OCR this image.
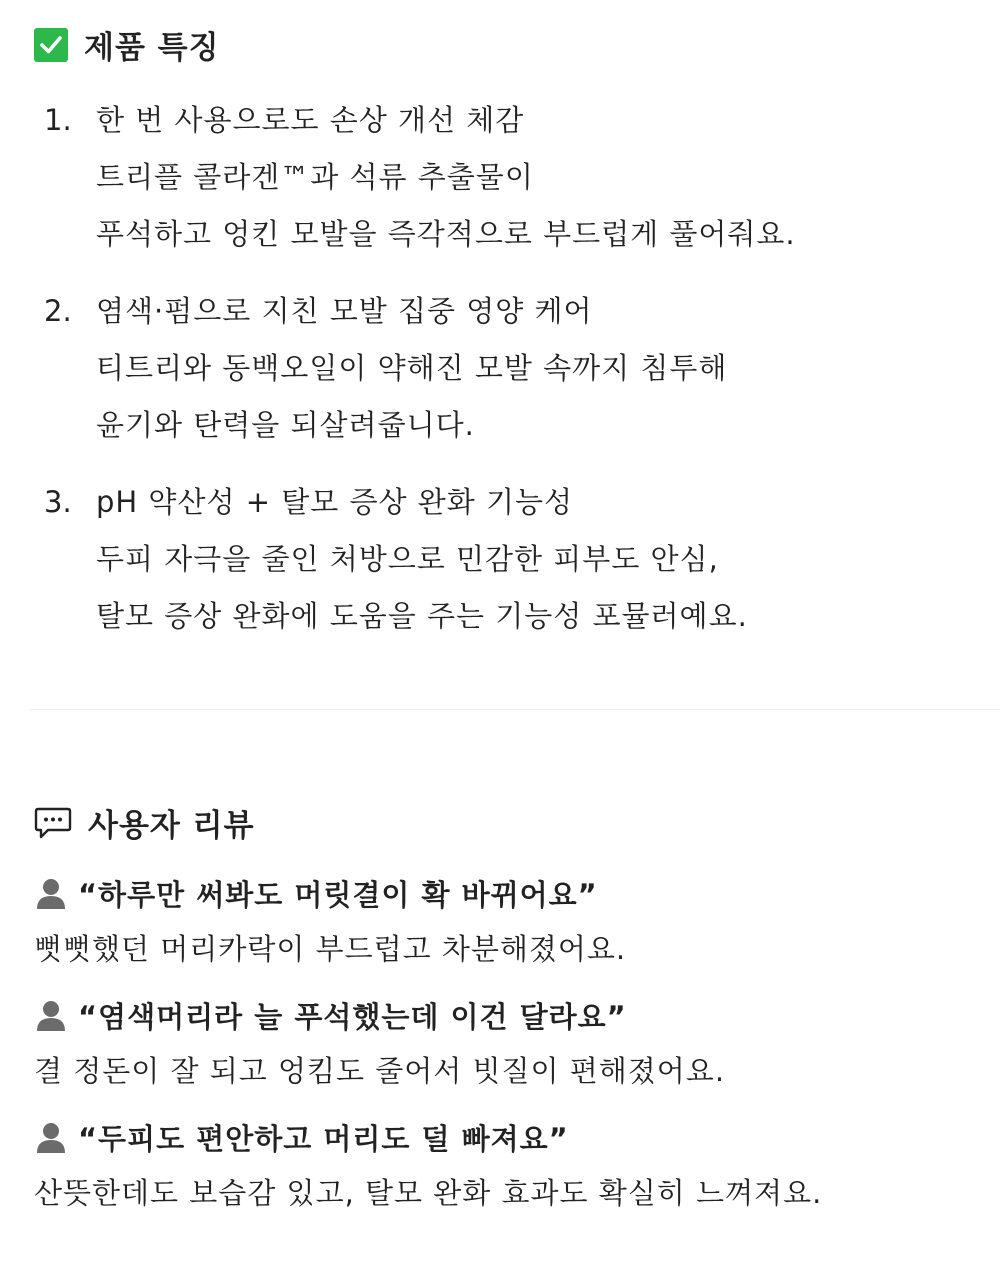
제품 특징
1. 한 번 사용으로도 손상 개선 체감
트리플 콜라겐™과 석류 추출물이
푸석하고 엉킨 모발을 즉각적으로 부드럽게 풀어줘요.
2. 염색·펌으로 지친 모발 집중 영양 케어
티트리와 동백오일이 약해진 모발 속까지 침투해
윤기와 탄력을 되살려줍니다.
3. pH 약산성 + 탈모 증상 완화 기능성
두피 자극을 줄인 처방으로 민감한 피부도 안심,
탈모 증상 완화에 도움을 주는 기능성 포뮬러예요.
사용자 리뷰
“하루만 써봐도 머릿결이 확 바뀌어요”
뻣뻣했던 머리카락이 부드럽고 차분해졌어요.
“염색머리라 늘 푸석했는데 이건 달라요”
결 정돈이 잘 되고 엉킴도 줄어서 빗질이 편해졌어요.
“두피도 편안하고 머리도 덜 빠져요”
산뜻한데도 보습감 있고, 탈모 완화 효과도 확실히 느껴져요.
